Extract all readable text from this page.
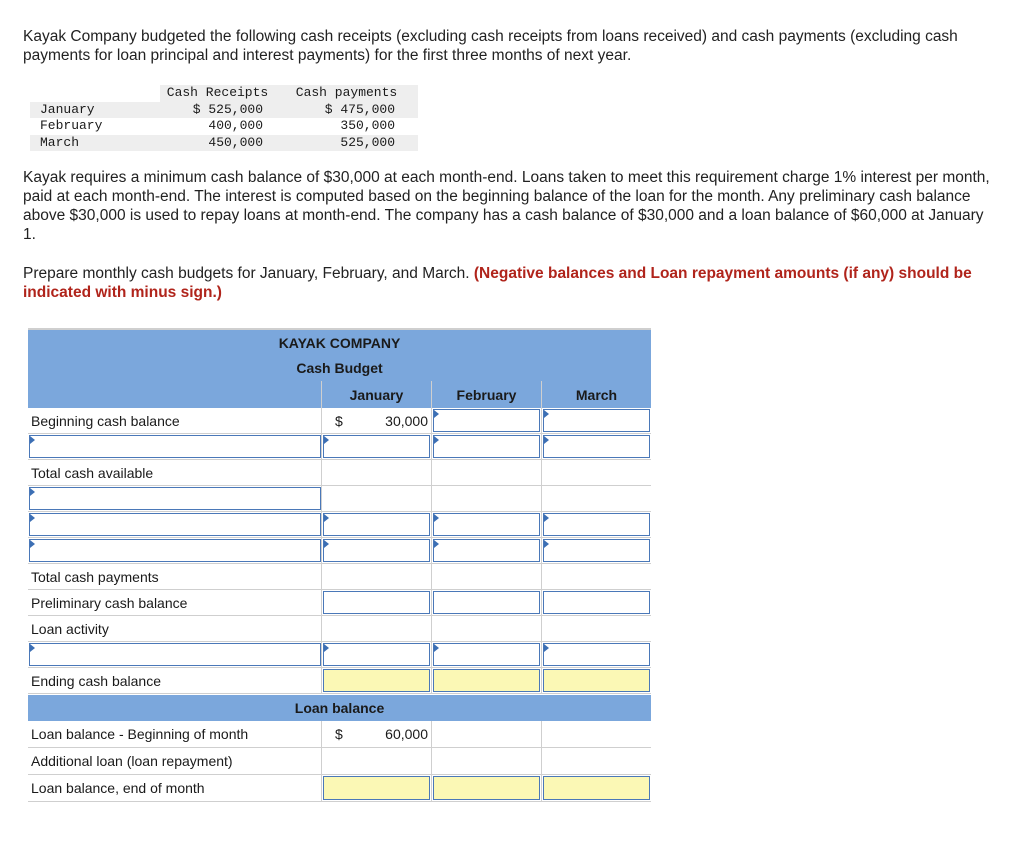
Kayak Company budgeted the following cash receipts (excluding cash receipts from loans received) and cash payments (excluding cash payments for loan principal and interest payments) for the first three months of next year.
Cash Receipts	Cash payments
January	$ 525,000	$ 475,000
February	400,000	350,000
March	450,000	525,000
Kayak requires a minimum cash balance of $30,000 at each month-end. Loans taken to meet this requirement charge 1% interest per month, paid at each month-end. The interest is computed based on the beginning balance of the loan for the month. Any preliminary cash balance above $30,000 is used to repay loans at month-end. The company has a cash balance of $30,000 and a loan balance of $60,000 at January 1.
Prepare monthly cash budgets for January, February, and March. (Negative balances and Loan repayment amounts (if any) should be indicated with minus sign.)
KAYAK COMPANY
Cash Budget
January	February	March
Beginning cash balance	$	30,000
Total cash available
Total cash payments
Preliminary cash balance
Loan activity
Ending cash balance
Loan balance
Loan balance - Beginning of month	$	60,000
Additional loan (loan repayment)
Loan balance, end of month
